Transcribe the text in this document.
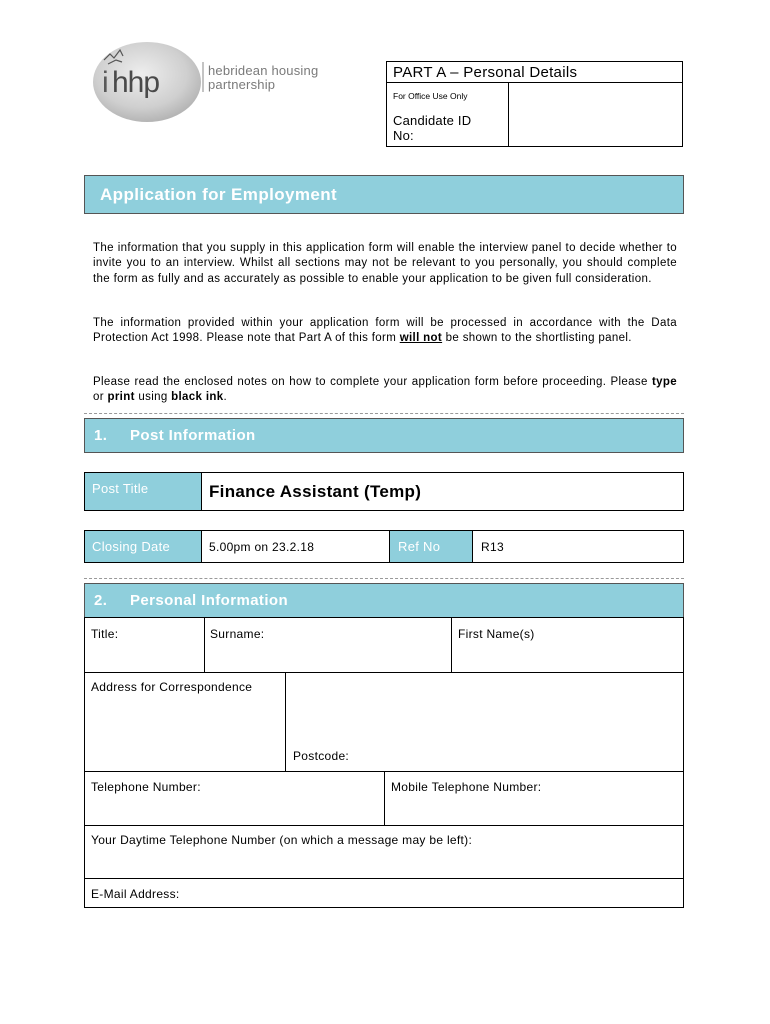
i hhp	hebridean housing
partnership
PART A – Personal Details
For Office Use Only
Candidate ID
No:
Application for Employment
The information that you supply in this application form will enable the interview panel to decide whether to invite you to an interview. Whilst all sections may not be relevant to you personally, you should complete the form as fully and as accurately as possible to enable your application to be given full consideration.
The information provided within your application form will be processed in accordance with the Data Protection Act 1998. Please note that Part A of this form will not be shown to the shortlisting panel.
Please read the enclosed notes on how to complete your application form before proceeding. Please type or print using black ink.
1. Post Information
Post Title	Finance Assistant (Temp)
Closing Date	5.00pm on 23.2.18	Ref No	R13
2. Personal Information
Title:	Surname:	First Name(s)
Address for Correspondence
Postcode:
Telephone Number:	Mobile Telephone Number:
Your Daytime Telephone Number (on which a message may be left):
E-Mail Address:
